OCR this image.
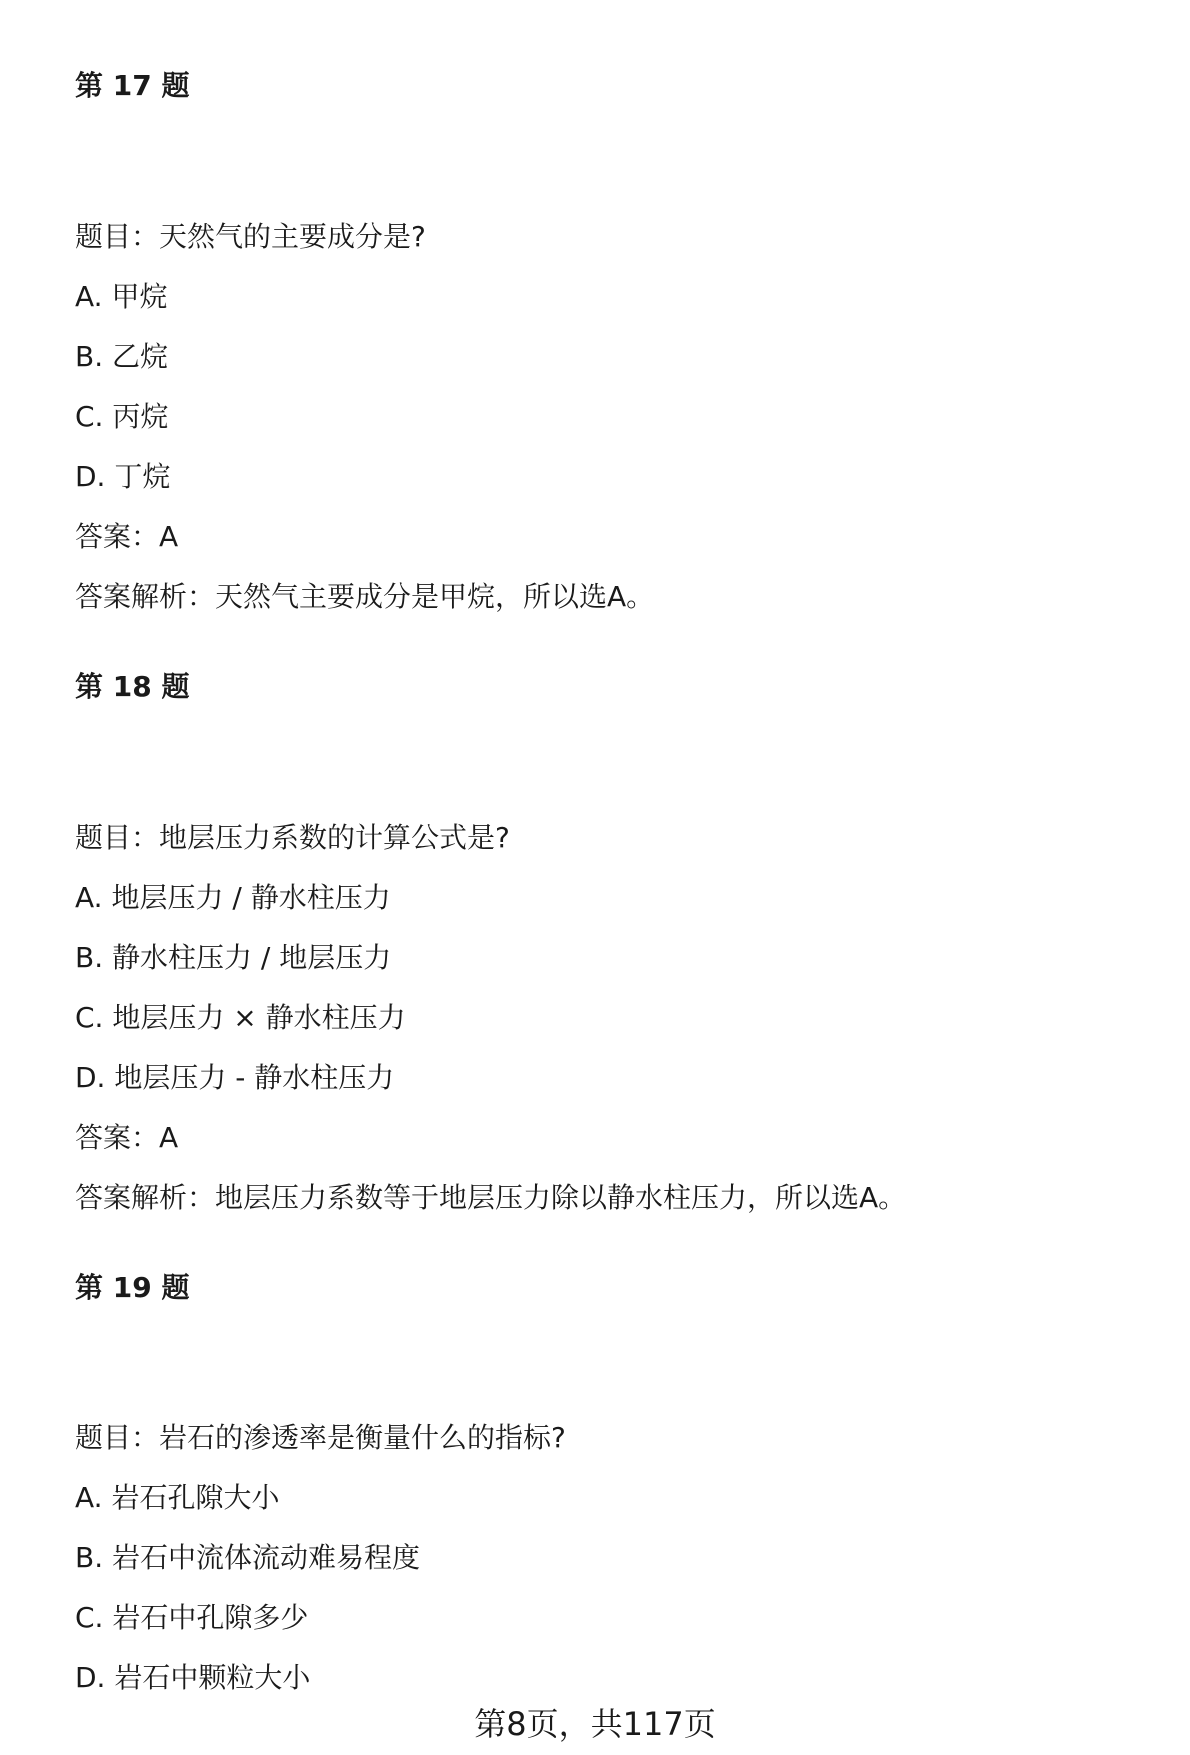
第 17 题
题目：天然气的主要成分是?
A. 甲烷
B. 乙烷
C. 丙烷
D. 丁烷
答案：A
答案解析：天然气主要成分是甲烷，所以选A。
第 18 题
题目：地层压力系数的计算公式是?
A. 地层压力 / 静水柱压力
B. 静水柱压力 / 地层压力
C. 地层压力 × 静水柱压力
D. 地层压力 - 静水柱压力
答案：A
答案解析：地层压力系数等于地层压力除以静水柱压力，所以选A。
第 19 题
题目：岩石的渗透率是衡量什么的指标?
A. 岩石孔隙大小
B. 岩石中流体流动难易程度
C. 岩石中孔隙多少
D. 岩石中颗粒大小
第8页，共117页
